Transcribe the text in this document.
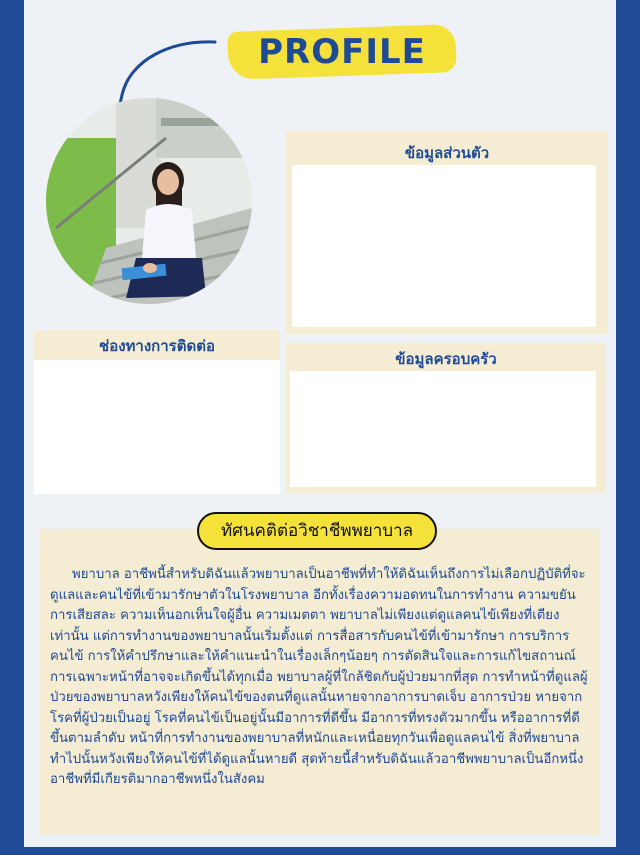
PROFILE
ข้อมูลส่วนตัว
ช่องทางการติดต่อ
ข้อมูลครอบครัว
ทัศนคติต่อวิชาชีพพยาบาล
พยาบาล อาชีพนี้สำหรับดิฉันแล้วพยาบาลเป็นอาชีพที่ทำให้ดิฉันเห็นถึงการไม่เลือกปฏิบัติที่จะดูแลและคนไข้ที่เข้ามารักษาตัวในโรงพยาบาล อีกทั้งเรื่องความอดทนในการทำงาน ความขยัน การเสียสละ ความเห็นอกเห็นใจผู้อื่น ความเมตตา พยาบาลไม่เพียงแต่ดูแลคนไข้เพียงที่เตียงเท่านั้น แต่การทำงานของพยาบาลนั้นเริ่มตั้งแต่ การสื่อสารกับคนไข้ที่เข้ามารักษา การบริการคนไข้ การให้คำปรึกษาและให้คำแนะนำในเรื่องเล็กๆน้อยๆ การตัดสินใจและการแก้ไขสถานณ์การเฉพาะหน้าที่อาจจะเกิดขึ้นได้ทุกเมื่อ พยาบาลผู้ที่ใกล้ชิดกับผู้ป่วยมากที่สุด การทำหน้าที่ดูแลผู้ป่วยของพยาบาลหวังเพียงให้คนไข้ของตนที่ดูแลนั้นหายจากอาการบาดเจ็บ อาการป่วย หายจากโรคที่ผู้ป่วยเป็นอยู่ โรคที่คนไข้เป็นอยู่นั้นมีอาการที่ดีขึ้น มีอาการที่ทรงตัวมากขึ้น หรืออาการที่ดีขึ้นตามลำดับ หน้าที่การทำงานของพยาบาลที่หนักและเหนื่อยทุกวันเพื่อดูแลคนไข้ สิ่งที่พยาบาลทำไปนั้นหวังเพียงให้คนไข้ที่ได้ดูแลนั้นหายดี สุดท้ายนี้สำหรับดิฉันแล้วอาชีพพยาบาลเป็นอีกหนึ่งอาชีพที่มีเกียรติมากอาชีพหนึ่งในสังคม
